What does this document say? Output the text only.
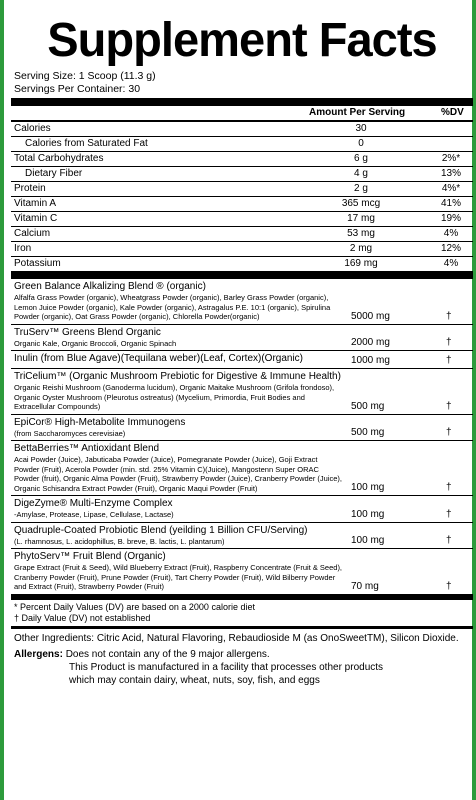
Supplement Facts
Serving Size: 1 Scoop (11.3 g)
Servings Per Container: 30
Amount Per Serving	%DV
Calories	30
Calories from Saturated Fat	0
Total Carbohydrates	6 g	2%*
Dietary Fiber	4 g	13%
Protein	2 g	4%*
Vitamin A	365 mcg	41%
Vitamin C	17 mg	19%
Calcium	53 mg	4%
Iron	2 mg	12%
Potassium	169 mg	4%
Green Balance Alkalizing Blend ® (organic)
Alfalfa Grass Powder (organic), Wheatgrass Powder (organic), Barley Grass Powder (organic), Lemon Juice Powder (organic), Kale Powder (organic), Astragalus P.E. 10:1 (organic), Spirulina Powder (organic), Oat Grass Powder (organic), Chlorella Powder(organic)	5000 mg	†
TruServ™ Greens Blend Organic
Organic Kale, Organic Broccoli, Organic Spinach	2000 mg	†
Inulin (from Blue Agave)(Tequilana weber)(Leaf, Cortex)(Organic)	1000 mg	†
TriCelium™ (Organic Mushroom Prebiotic for Digestive & Immune Health)
Organic Reishi Mushroom (Ganoderma lucidum), Organic Maitake Mushroom (Grifola frondoso), Organic Oyster Mushroom (Pleurotus ostreatus) (Mycelium, Primordia, Fruit Bodies and Extracellular Compounds)	500 mg	†
EpiCor® High-Metabolite Immunogens
(from Saccharomyces cerevisiae)	500 mg	†
BettaBerries™ Antioxidant Blend
Acai Powder (Juice), Jabuticaba Powder (Juice), Pomegranate Powder (Juice), Goji Extract Powder (Fruit), Acerola Powder (min. std. 25% Vitamin C)(Juice), Mangostenn Super ORAC Powder (fruit), Organic Alma Powder (Fruit), Strawberry Powder (Juice), Cranberry Powder (Juice), Organic Schisandra Extract Powder (Fruit), Organic Maqui Powder (Fruit)	100 mg	†
DigeZyme® Multi-Enzyme Complex
-Amylase, Protease, Lipase, Cellulase, Lactase)	100 mg	†
Quadruple-Coated Probiotic Blend (yeilding 1 Billion CFU/Serving)
(L. rhamnosus, L. acidophillus, B. breve, B. lactis, L. plantarum)	100 mg	†
PhytoServ™ Fruit Blend (Organic)
Grape Extract (Fruit & Seed), Wild Blueberry Extract (Fruit), Raspberry Concentrate (Fruit & Seed), Cranberry Powder (Fruit), Prune Powder (Fruit), Tart Cherry Powder (Fruit), Wild Bilberry Powder and Extract (Fruit), Strawberry Powder (Fruit)	70 mg	†
* Percent Daily Values (DV) are based on a 2000 calorie diet
† Daily Value (DV) not established
Other Ingredients: Citric Acid, Natural Flavoring, Rebaudioside M (as OnoSweetTM), Silicon Dioxide.
Allergens: Does not contain any of the 9 major allergens.
This Product is manufactured in a facility that processes other products which may contain dairy, wheat, nuts, soy, fish, and eggs
